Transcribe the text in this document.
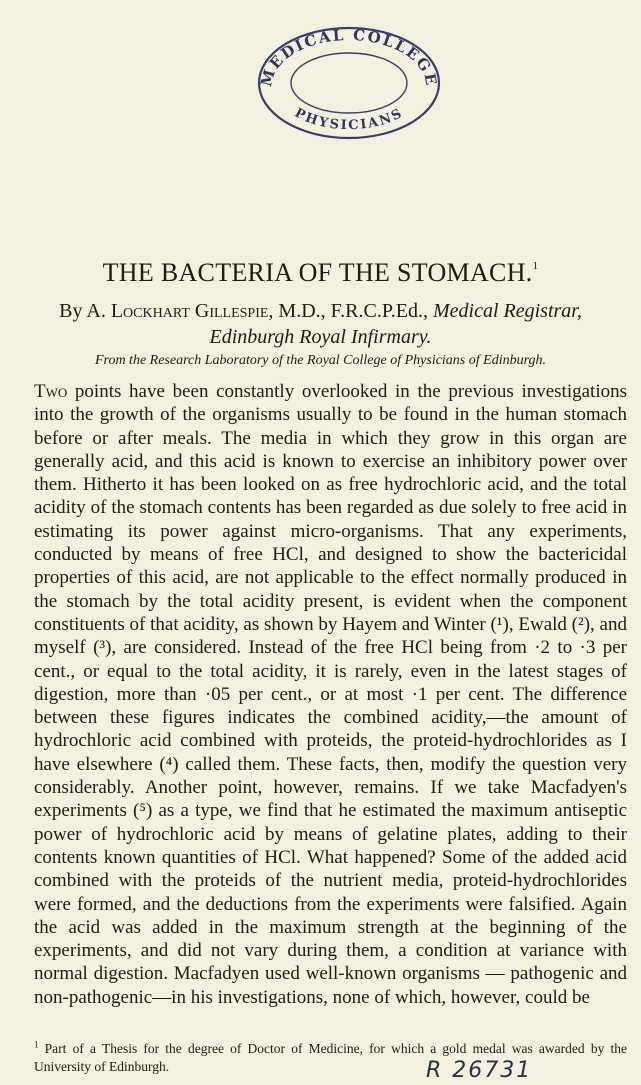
MEDICAL COLLEGE
PHYSICIANS
THE BACTERIA OF THE STOMACH.$^1$
By A. Lockhart Gillespie, M.D., F.R.C.P.Ed., Medical Registrar,
Edinburgh Royal Infirmary.
From the Research Laboratory of the Royal College of Physicians of Edinburgh.

Two points have been constantly overlooked in the previous investigations into the growth of the organisms usually to be found in the human stomach before or after meals. The media in which they grow in this organ are generally acid, and this acid is known to exercise an inhibitory power over them. Hitherto it has been looked on as free hydrochloric acid, and the total acidity of the stomach contents has been regarded as due solely to free acid in estimating its power against micro-organisms. That any experiments, conducted by means of free HCl, and designed to show the bactericidal properties of this acid, are not applicable to the effect normally produced in the stomach by the total acidity present, is evident when the component constituents of that acidity, as shown by Hayem and Winter (¹), Ewald (²), and myself (³), are considered. Instead of the free HCl being from ·2 to ·3 per cent., or equal to the total acidity, it is rarely, even in the latest stages of digestion, more than ·05 per cent., or at most ·1 per cent. The difference between these figures indicates the combined acidity,—the amount of hydrochloric acid combined with proteids, the proteid-hydrochlorides as I have elsewhere (⁴) called them. These facts, then, modify the question very considerably. Another point, however, remains. If we take Macfadyen's experiments (⁵) as a type, we find that he estimated the maximum antiseptic power of hydrochloric acid by means of gelatine plates, adding to their contents known quantities of HCl. What happened? Some of the added acid combined with the proteids of the nutrient media, proteid-hydrochlorides were formed, and the deductions from the experiments were falsified. Again the acid was added in the maximum strength at the beginning of the experiments, and did not vary during them, a condition at variance with normal digestion. Macfadyen used well-known organisms — pathogenic and non-pathogenic—in his investigations, none of which, however, could be

$^1$ Part of a Thesis for the degree of Doctor of Medicine, for which a gold medal was awarded by the University of Edinburgh.	R 26731
